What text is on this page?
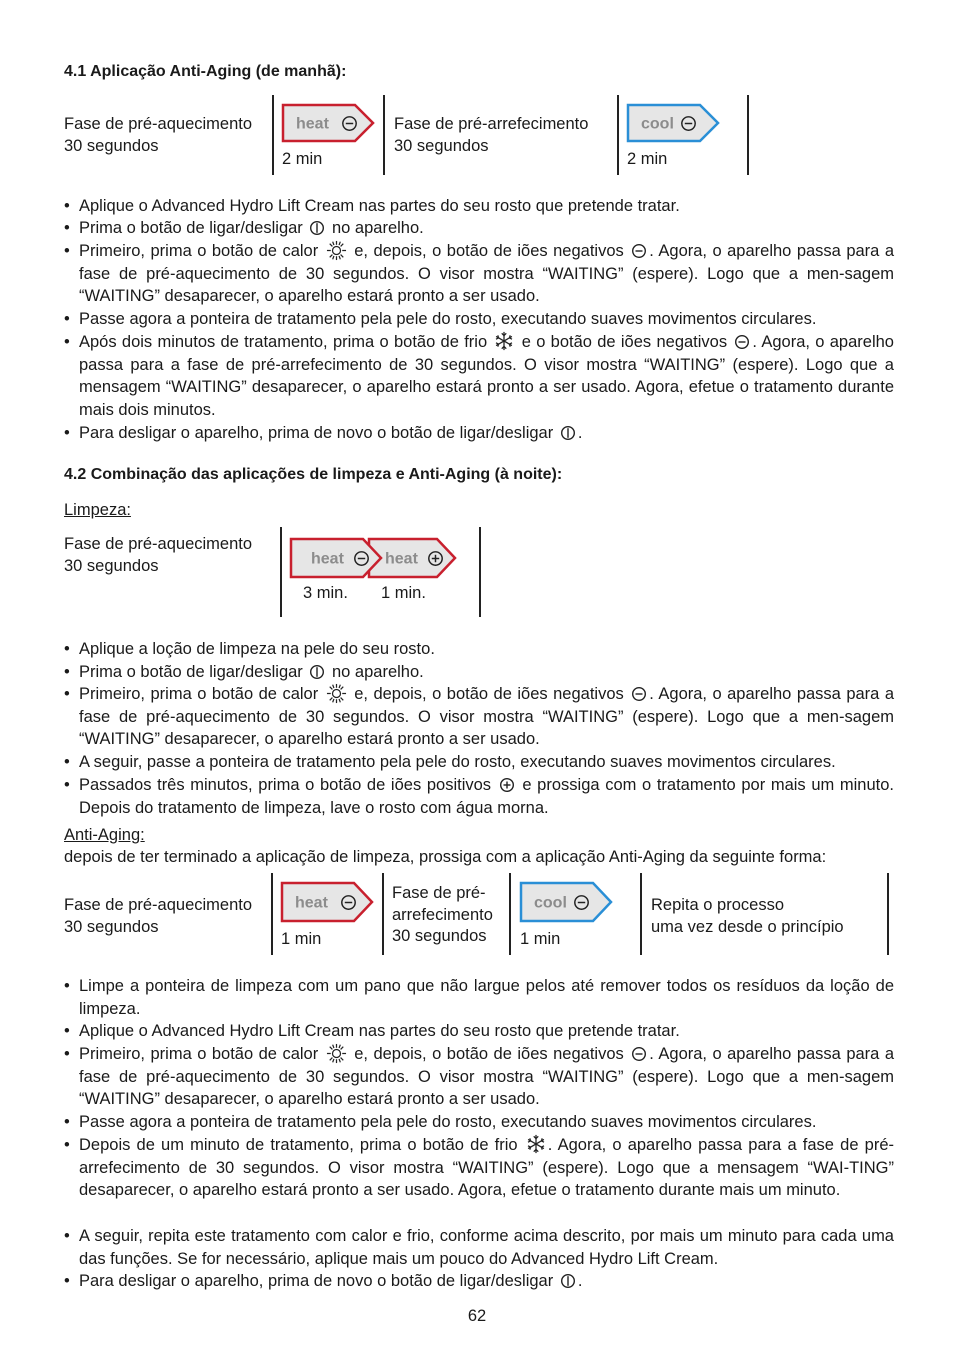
4.1 Aplicação Anti-Aging (de manhã):
Fase de pré-aquecimento
30 segundos
heat
2 min
Fase de pré-arrefecimento
30 segundos
cool
2 min
• Aplique o Advanced Hydro Lift Cream nas partes do seu rosto que pretende tratar.
• Prima o botão de ligar/desligar no aparelho.
• Primeiro, prima o botão de calor e, depois, o botão de iões negativos . Agora, o aparelho passa para a fase de pré-aquecimento de 30 segundos. O visor mostra “WAITING” (espere). Logo que a men-sagem “WAITING” desaparecer, o aparelho estará pronto a ser usado.
• Passe agora a ponteira de tratamento pela pele do rosto, executando suaves movimentos circulares.
• Após dois minutos de tratamento, prima o botão de frio e o botão de iões negativos . Agora, o aparelho passa para a fase de pré-arrefecimento de 30 segundos. O visor mostra “WAITING” (espere). Logo que a mensagem “WAITING” desaparecer, o aparelho estará pronto a ser usado. Agora, efetue o tratamento durante mais dois minutos.
• Para desligar o aparelho, prima de novo o botão de ligar/desligar .
4.2 Combinação das aplicações de limpeza e Anti-Aging (à noite):
Limpeza:
Fase de pré-aquecimento
30 segundos	heat	heat
3 min. 1 min.
• Aplique a loção de limpeza na pele do seu rosto.
• Prima o botão de ligar/desligar no aparelho.
• Primeiro, prima o botão de calor e, depois, o botão de iões negativos . Agora, o aparelho passa para a fase de pré-aquecimento de 30 segundos. O visor mostra “WAITING” (espere). Logo que a men-sagem “WAITING” desaparecer, o aparelho estará pronto a ser usado.
• A seguir, passe a ponteira de tratamento pela pele do rosto, executando suaves movimentos circulares.
• Passados três minutos, prima o botão de iões positivos e prossiga com o tratamento por mais um minuto. Depois do tratamento de limpeza, lave o rosto com água morna.
Anti-Aging:
depois de ter terminado a aplicação de limpeza, prossiga com a aplicação Anti-Aging da seguinte forma:
Fase de pré-aquecimento
30 segundos
heat
1 min
Fase de pré-
arrefecimento
30 segundos
cool
1 min
Repita o processo
uma vez desde o princípio
• Limpe a ponteira de limpeza com um pano que não largue pelos até remover todos os resíduos da loção de limpeza.
• Aplique o Advanced Hydro Lift Cream nas partes do seu rosto que pretende tratar.
• Primeiro, prima o botão de calor e, depois, o botão de iões negativos . Agora, o aparelho passa para a fase de pré-aquecimento de 30 segundos. O visor mostra “WAITING” (espere). Logo que a men-sagem “WAITING” desaparecer, o aparelho estará pronto a ser usado.
• Passe agora a ponteira de tratamento pela pele do rosto, executando suaves movimentos circulares.
• Depois de um minuto de tratamento, prima o botão de frio . Agora, o aparelho passa para a fase de pré-arrefecimento de 30 segundos. O visor mostra “WAITING” (espere). Logo que a mensagem “WAI-TING” desaparecer, o aparelho estará pronto a ser usado. Agora, efetue o tratamento durante mais um minuto.
• A seguir, repita este tratamento com calor e frio, conforme acima descrito, por mais um minuto para cada uma das funções. Se for necessário, aplique mais um pouco do Advanced Hydro Lift Cream.
• Para desligar o aparelho, prima de novo o botão de ligar/desligar .
62
